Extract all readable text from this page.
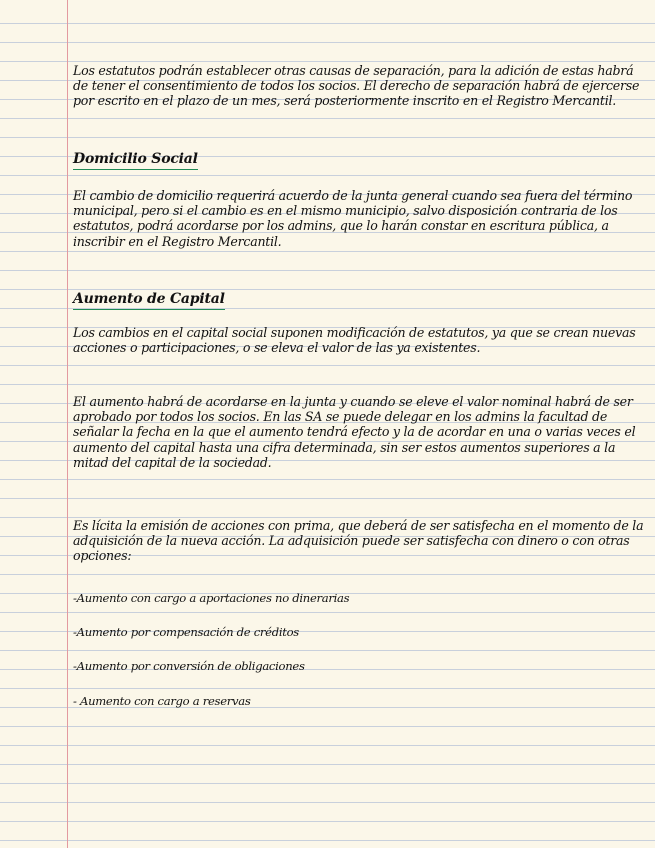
Los estatutos podrán establecer otras causas de separación, para la adición de estas habrá de tener el consentimiento de todos los socios. El derecho de separación habrá de ejercerse por escrito en el plazo de un mes, será posteriormente inscrito en el Registro Mercantil.

Domicilio Social

El cambio de domicilio requerirá acuerdo de la junta general cuando sea fuera del término municipal, pero si el cambio es en el mismo municipio, salvo disposición contraria de los estatutos, podrá acordarse por los admins, que lo harán constar en escritura pública, a inscribir en el Registro Mercantil.

Aumento de Capital

Los cambios en el capital social suponen modificación de estatutos, ya que se crean nuevas acciones o participaciones, o se eleva el valor de las ya existentes.

El aumento habrá de acordarse en la junta y cuando se eleve el valor nominal habrá de ser aprobado por todos los socios. En las SA se puede delegar en los admins la facultad de señalar la fecha en la que el aumento tendrá efecto y la de acordar en una o varias veces el aumento del capital hasta una cifra determinada, sin ser estos aumentos superiores a la mitad del capital de la sociedad.

Es lícita la emisión de acciones con prima, que deberá de ser satisfecha en el momento de la adquisición de la nueva acción. La adquisición puede ser satisfecha con dinero o con otras opciones:

-Aumento con cargo a aportaciones no dinerarias

-Aumento por compensación de créditos

-Aumento por conversión de obligaciones

- Aumento con cargo a reservas
